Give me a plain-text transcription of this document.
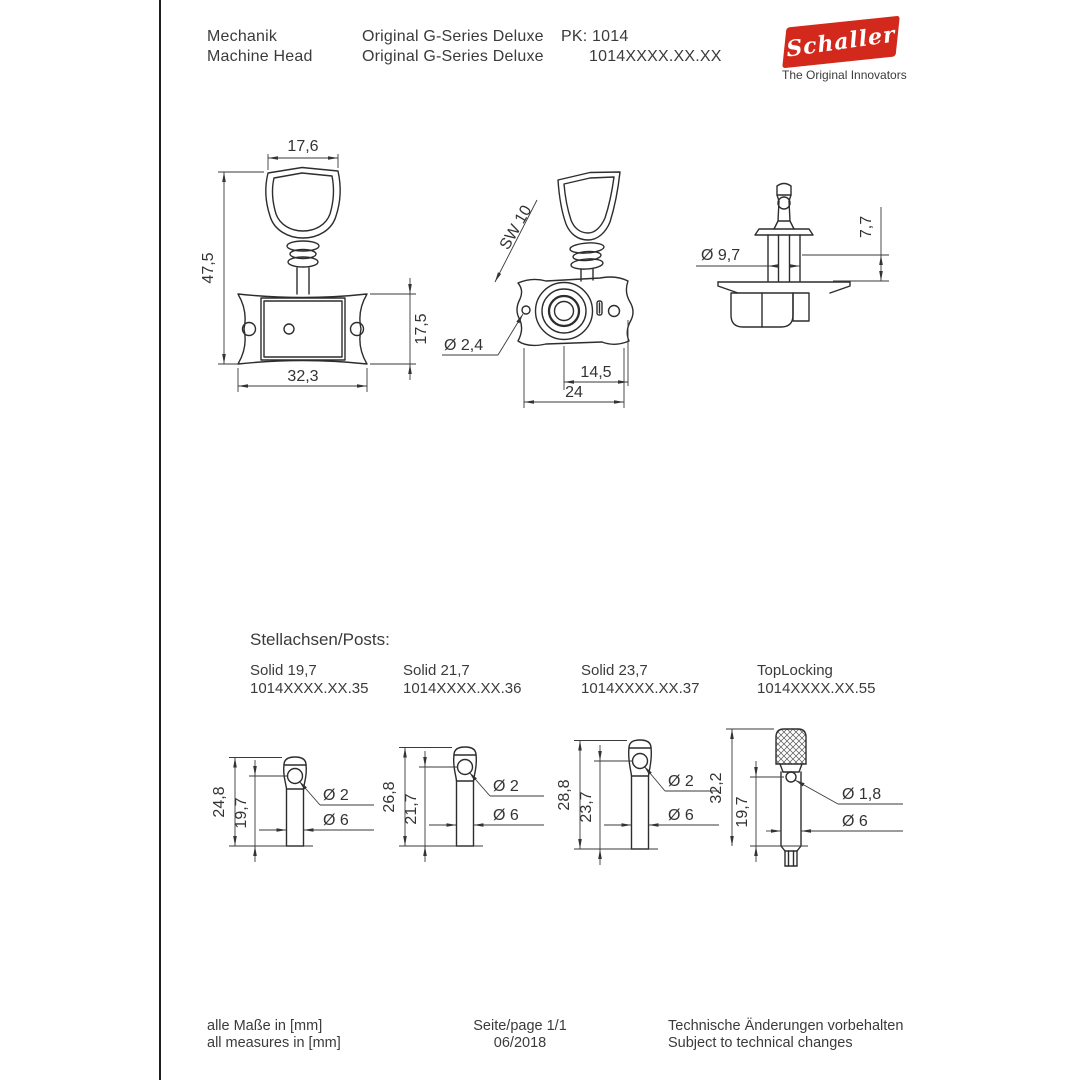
Mechanik
Machine Head
Original G-Series Deluxe
Original G-Series Deluxe
PK: 1014
1014XXXX.XX.XX	Schaller
The Original Innovators
17,6
47,5
17,5
32,3
SW 10
Ø 2,4
14,5
24
Ø 9,7
7,7
Stellachsen/Posts:
Solid 19,7
1014XXXX.XX.35
Solid 21,7
1014XXXX.XX.36
Solid 23,7
1014XXXX.XX.37
TopLocking
1014XXXX.XX.55
24,8 19,7
Ø 2
Ø 6
26,8 21,7
Ø 2
Ø 6
28,8 23,7
Ø 2
Ø 6
32,2
19,7
Ø 1,8
Ø 6
alle Maße in [mm]
all measures in [mm]
Seite/page 1/1
06/2018
Technische Änderungen vorbehalten
Subject to technical changes
